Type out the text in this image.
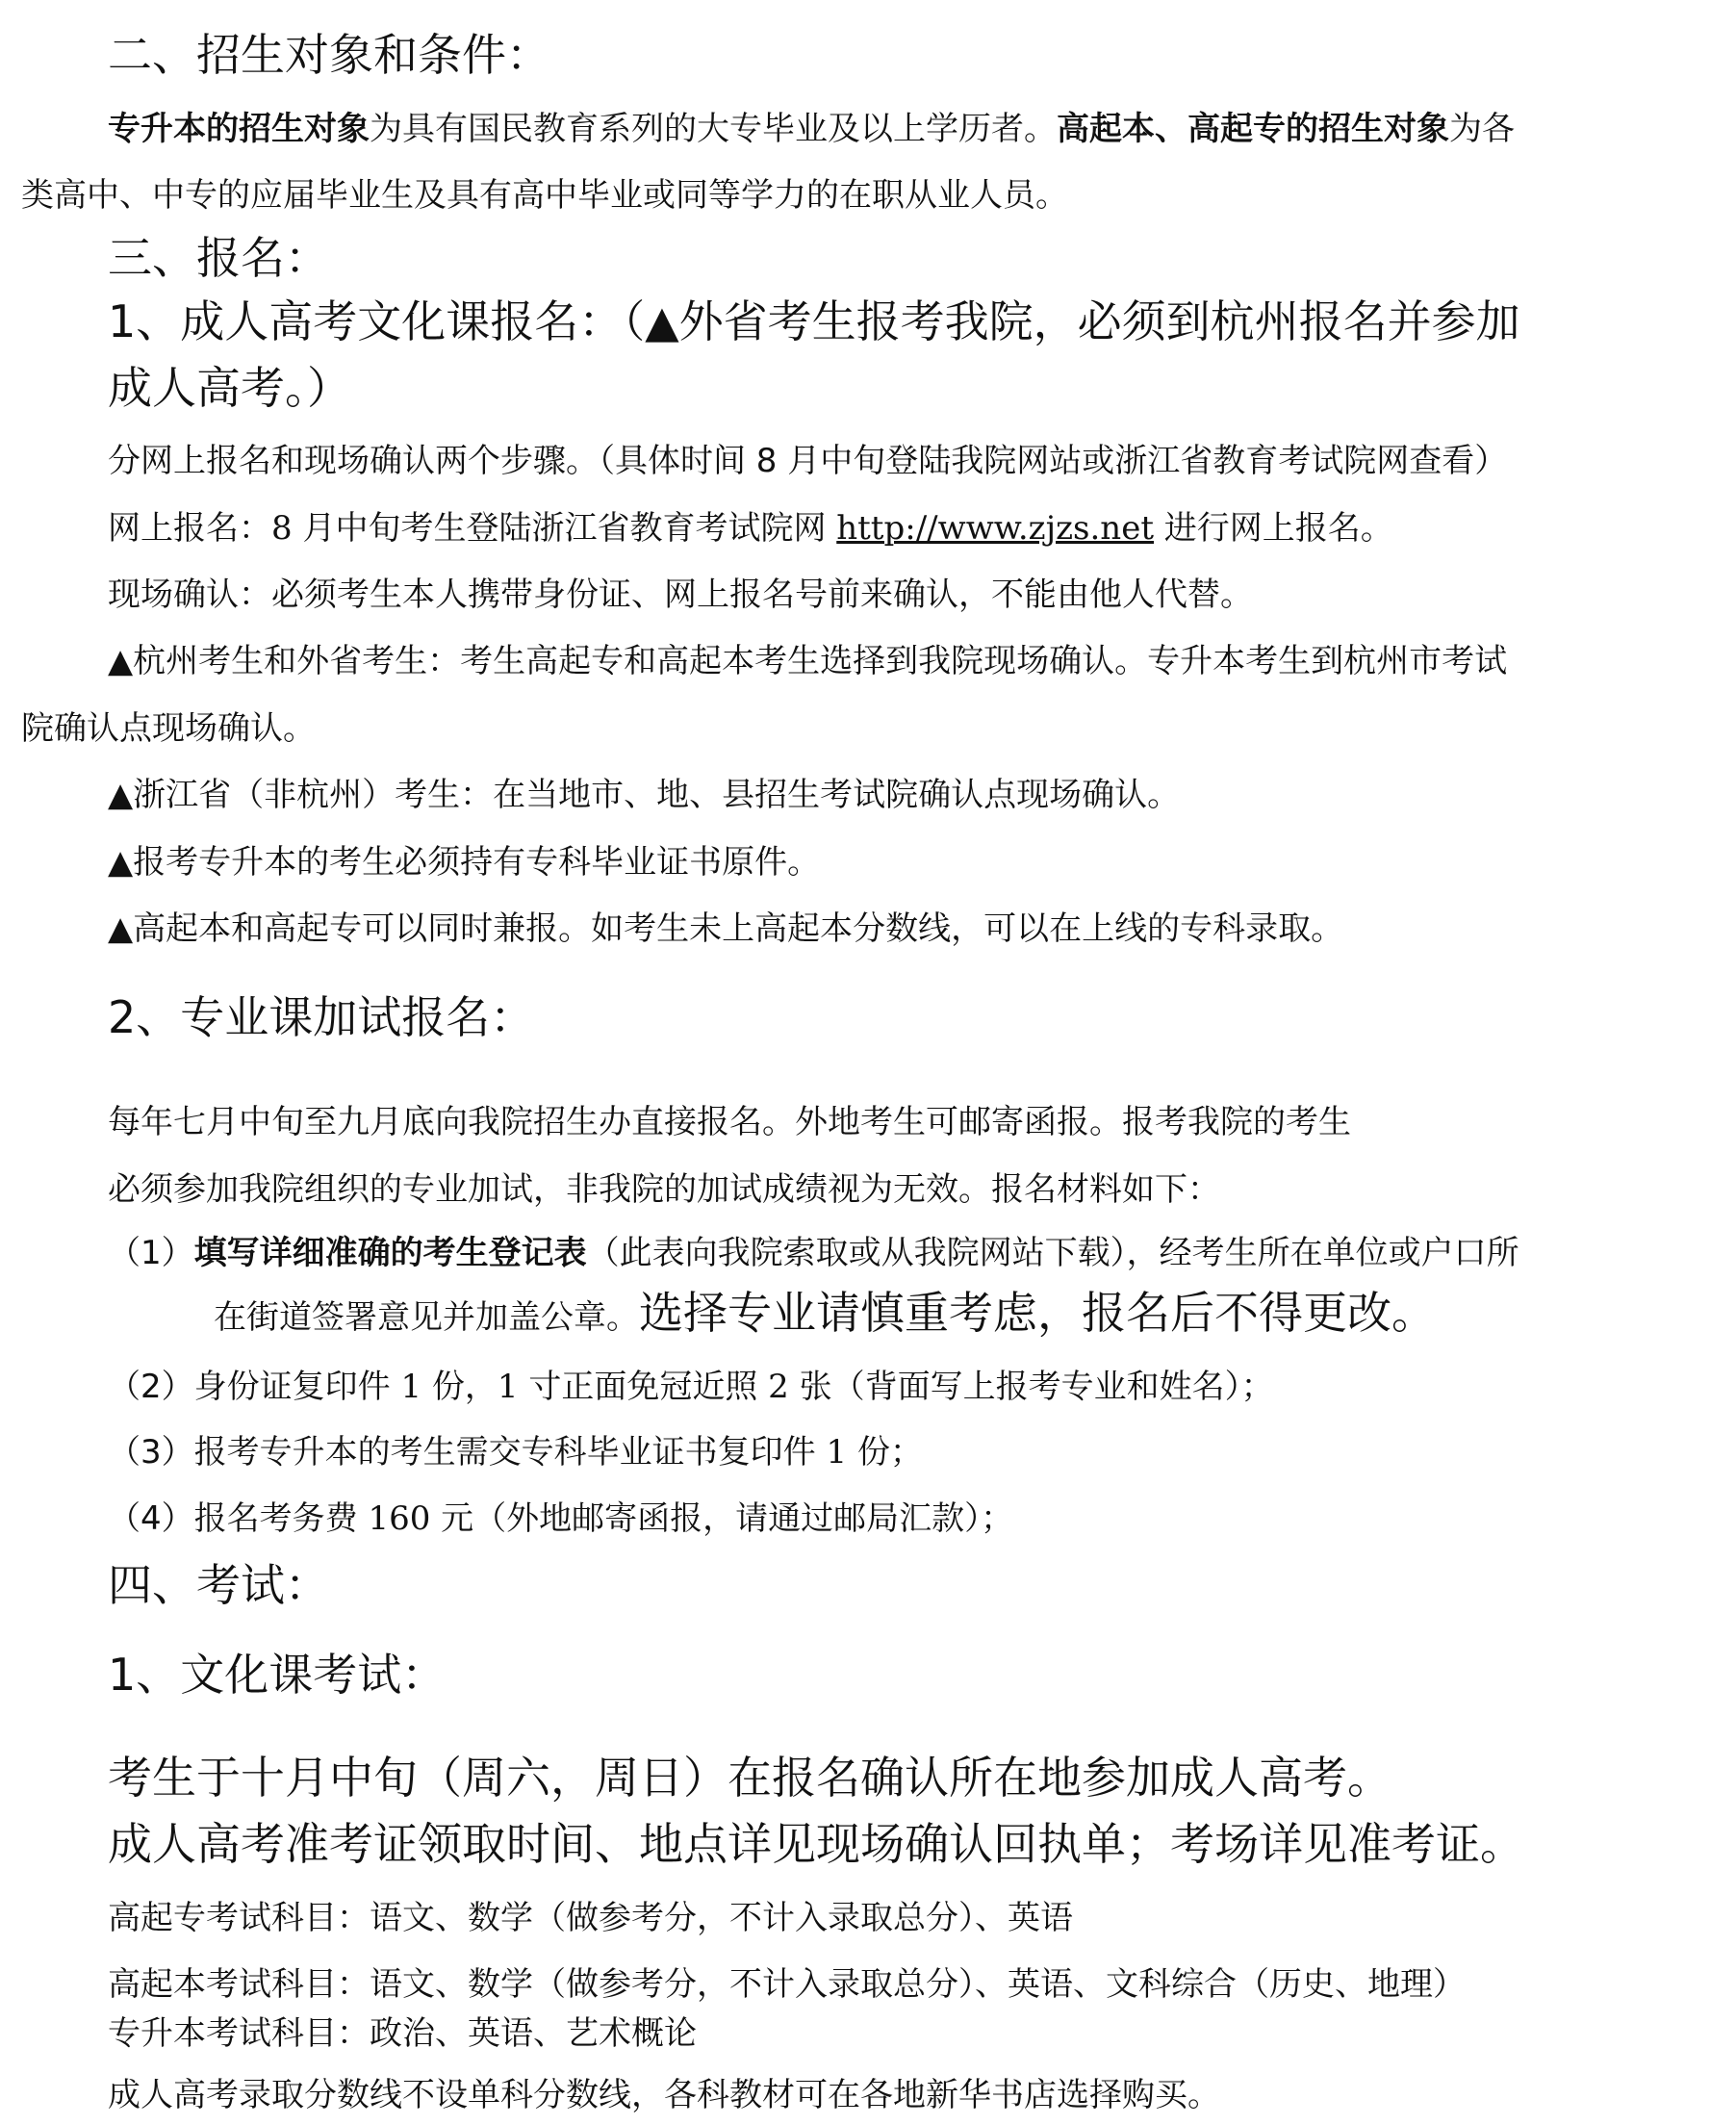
二、招生对象和条件：
专升本的招生对象为具有国民教育系列的大专毕业及以上学历者。高起本、高起专的招生对象为各
类高中、中专的应届毕业生及具有高中毕业或同等学力的在职从业人员。
三、报名：
1、成人高考文化课报名：（▲外省考生报考我院，必须到杭州报名并参加
成人高考。）
分网上报名和现场确认两个步骤。（具体时间 8 月中旬登陆我院网站或浙江省教育考试院网查看）
网上报名：8 月中旬考生登陆浙江省教育考试院网 http://www.zjzs.net 进行网上报名。
现场确认：必须考生本人携带身份证、网上报名号前来确认，不能由他人代替。
▲杭州考生和外省考生：考生高起专和高起本考生选择到我院现场确认。专升本考生到杭州市考试
院确认点现场确认。
▲浙江省（非杭州）考生：在当地市、地、县招生考试院确认点现场确认。
▲报考专升本的考生必须持有专科毕业证书原件。
▲高起本和高起专可以同时兼报。如考生未上高起本分数线，可以在上线的专科录取。
2、专业课加试报名：
每年七月中旬至九月底向我院招生办直接报名。外地考生可邮寄函报。报考我院的考生
必须参加我院组织的专业加试，非我院的加试成绩视为无效。报名材料如下：
（1）填写详细准确的考生登记表（此表向我院索取或从我院网站下载），经考生所在单位或户口所
在街道签署意见并加盖公章。选择专业请慎重考虑，报名后不得更改。
（2）身份证复印件 1 份，1 寸正面免冠近照 2 张（背面写上报考专业和姓名）；
（3）报考专升本的考生需交专科毕业证书复印件 1 份；
（4）报名考务费 160 元（外地邮寄函报，请通过邮局汇款）；
四、考试：
1、文化课考试：
考生于十月中旬（周六，周日）在报名确认所在地参加成人高考。
成人高考准考证领取时间、地点详见现场确认回执单；考场详见准考证。
高起专考试科目：语文、数学（做参考分，不计入录取总分）、英语
高起本考试科目：语文、数学（做参考分，不计入录取总分）、英语、文科综合（历史、地理）
专升本考试科目：政治、英语、艺术概论
成人高考录取分数线不设单科分数线，各科教材可在各地新华书店选择购买。
